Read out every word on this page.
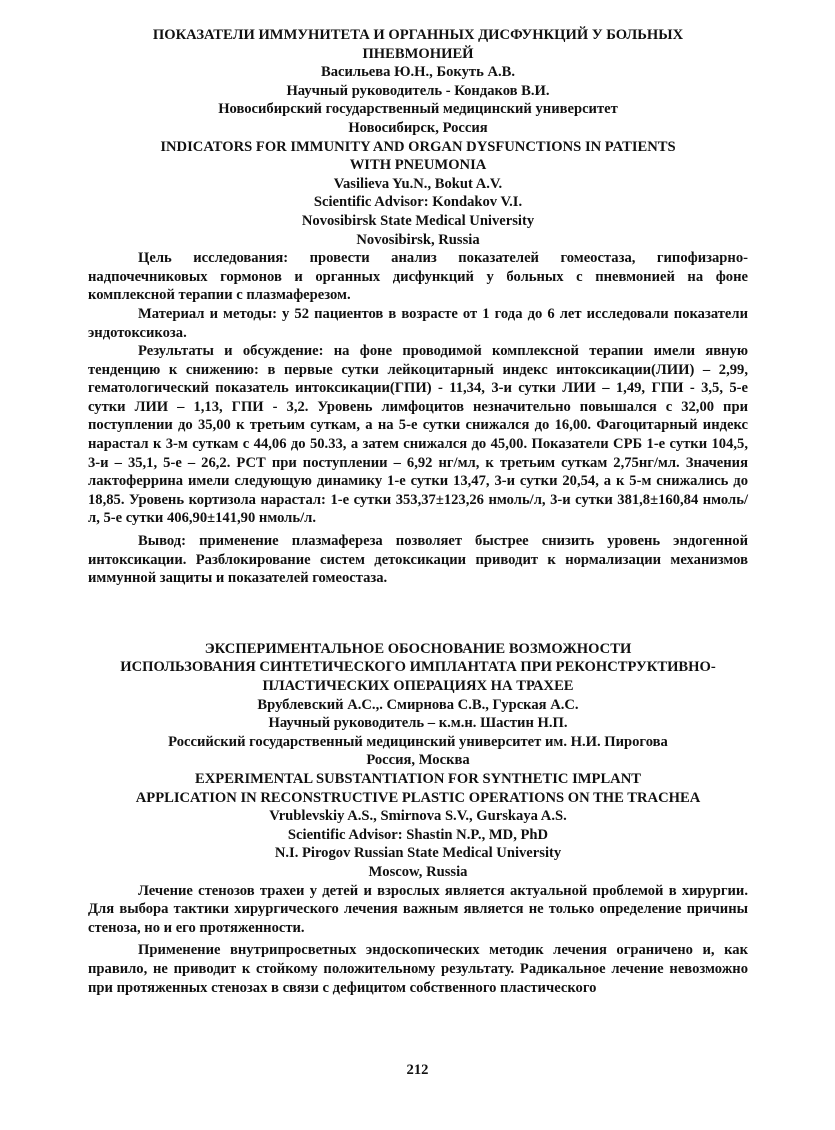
ПОКАЗАТЕЛИ ИММУНИТЕТА И ОРГАННЫХ ДИСФУНКЦИЙ У БОЛЬНЫХ

ПНЕВМОНИЕЙ

Васильева Ю.Н., Бокуть А.В.

Научный руководитель - Кондаков В.И.

Новосибирский государственный медицинский университет

Новосибирск, Россия

INDICATORS FOR IMMUNITY AND ORGAN DYSFUNCTIONS IN PATIENTS

WITH PNEUMONIA

Vasilieva Yu.N., Bokut A.V.

Scientific Advisor: Kondakov V.I.

Novosibirsk State Medical University

Novosibirsk, Russia

Цель исследования: провести анализ показателей гомеостаза, гипофизарно-надпочечниковых гормонов и органных дисфункций у больных с пневмонией на фоне комплексной терапии с плазмаферезом.

Материал и методы: у 52 пациентов в возрасте от 1 года до 6 лет исследовали показатели эндотоксикоза.

Результаты и обсуждение: на фоне проводимой комплексной терапии имели явную тенденцию к снижению: в первые сутки лейкоцитарный индекс интоксикации(ЛИИ) – 2,99, гематологический показатель интоксикации(ГПИ) - 11,34, 3-и сутки ЛИИ – 1,49, ГПИ - 3,5, 5-е сутки ЛИИ – 1,13, ГПИ - 3,2. Уровень лимфоцитов незначительно повышался с 32,00 при поступлении до 35,00 к третьим суткам, а на 5-е сутки снижался до 16,00. Фагоцитарный индекс нарастал к 3-м суткам с 44,06 до 50.33, а затем снижался до 45,00. Показатели СРБ 1-е сутки 104,5, 3-и – 35,1, 5-е – 26,2. РСТ при поступлении – 6,92 нг/мл, к третьим суткам 2,75нг/мл. Значения лактоферрина имели следующую динамику 1-е сутки 13,47, 3-и сутки 20,54, а к 5-м снижались до 18,85. Уровень кортизола нарастал: 1-е сутки 353,37±123,26 нмоль/л, 3-и сутки 381,8±160,84 нмоль/л, 5-е сутки 406,90±141,90 нмоль/л.

Вывод: применение плазмафереза позволяет быстрее снизить уровень эндогенной интоксикации. Разблокирование систем детоксикации приводит к нормализации механизмов иммунной защиты и показателей гомеостаза.

ЭКСПЕРИМЕНТАЛЬНОЕ ОБОСНОВАНИЕ ВОЗМОЖНОСТИ

ИСПОЛЬЗОВАНИЯ СИНТЕТИЧЕСКОГО ИМПЛАНТАТА ПРИ РЕКОНСТРУКТИВНО-

ПЛАСТИЧЕСКИХ ОПЕРАЦИЯХ НА ТРАХЕЕ

Врублевский А.С.,. Смирнова С.В., Гурская А.С.

Научный руководитель – к.м.н. Шастин Н.П.

Российский государственный медицинский университет им. Н.И. Пирогова

Россия, Москва

EXPERIMENTAL SUBSTANTIATION FOR SYNTHETIC IMPLANT

APPLICATION IN RECONSTRUCTIVE PLASTIC OPERATIONS ON THE TRACHEA

Vrublevskiy A.S., Smirnova S.V., Gurskaya A.S.

Scientific Advisor: Shastin N.P., MD, PhD

N.I. Pirogov Russian State Medical University

Moscow, Russia

Лечение стенозов трахеи у детей и взрослых является актуальной проблемой в хирургии. Для выбора тактики хирургического лечения важным является не только определение причины стеноза, но и его протяженности.

Применение внутрипросветных эндоскопических методик лечения ограничено и, как правило, не приводит к стойкому положительному результату. Радикальное лечение невозможно при протяженных стенозах в связи с дефицитом собственного пластического

212
